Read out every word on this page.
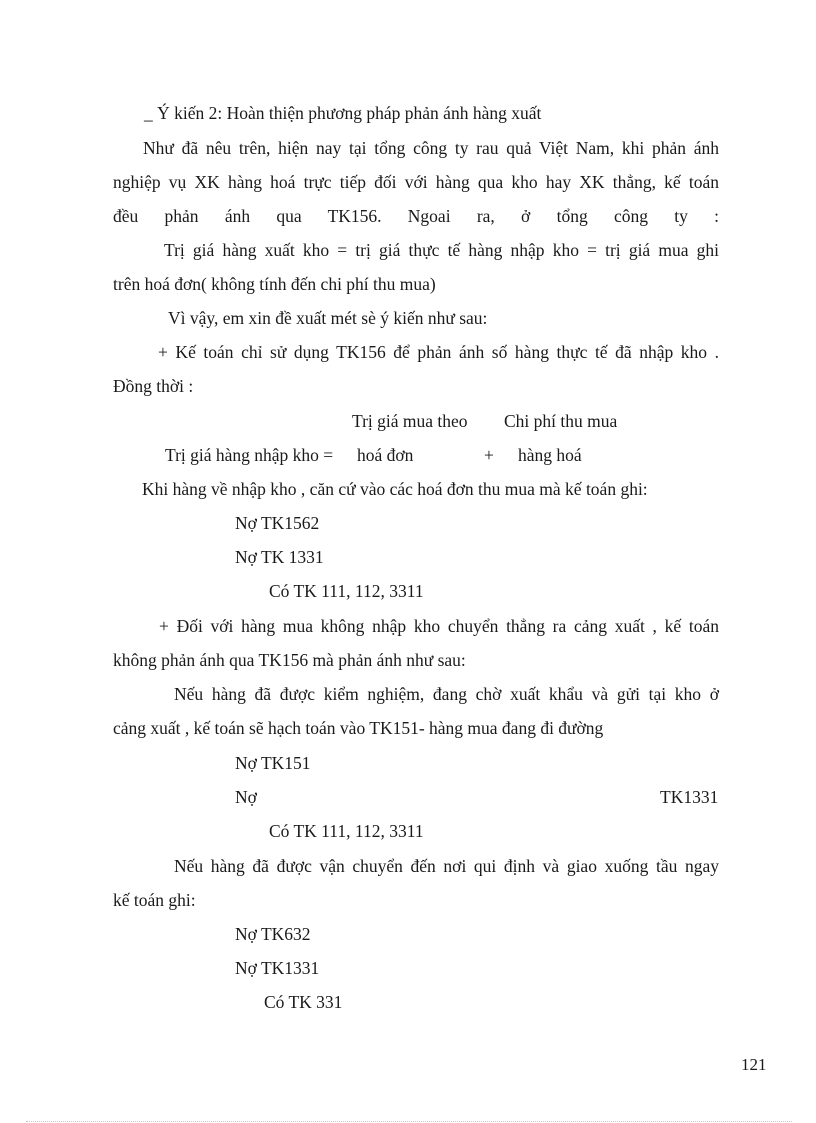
_ Ý kiến 2: Hoàn thiện phương pháp phản ánh hàng xuất
Như đã nêu trên, hiện nay tại tổng công ty rau quả Việt Nam, khi phản ánh
nghiệp vụ XK hàng hoá trực tiếp đối với hàng qua kho hay XK thẳng, kế toán
đều phản ánh qua TK156. Ngoai ra, ở tổng công ty :
Trị giá hàng xuất kho = trị giá thực tế hàng nhập kho = trị giá mua ghi
trên hoá đơn( không tính đến chi phí thu mua)
Vì vậy, em xin đề xuất mét sè ý kiến như sau:
+ Kế toán chỉ sử dụng TK156 để phản ánh số hàng thực tế đã nhập kho .
Đồng thời :
Trị giá mua theo Chi phí thu mua
Trị giá hàng nhập kho = hoá đơn	+ hàng hoá
Khi hàng về nhập kho , căn cứ vào các hoá đơn thu mua mà kế toán ghi:
Nợ TK1562
Nợ TK 1331
Có TK 111, 112, 3311
+ Đối với hàng mua không nhập kho chuyển thẳng ra cảng xuất , kế toán
không phản ánh qua TK156 mà phản ánh như sau:
Nếu hàng đã được kiểm nghiệm, đang chờ xuất khẩu và gửi tại kho ở
cảng xuất , kế toán sẽ hạch toán vào TK151- hàng mua đang đi đường
Nợ TK151
Nợ	TK1331
Có TK 111, 112, 3311
Nếu hàng đã được vận chuyển đến nơi qui định và giao xuống tầu ngay
kế toán ghi:
Nợ TK632
Nợ TK1331
Có TK 331
121
